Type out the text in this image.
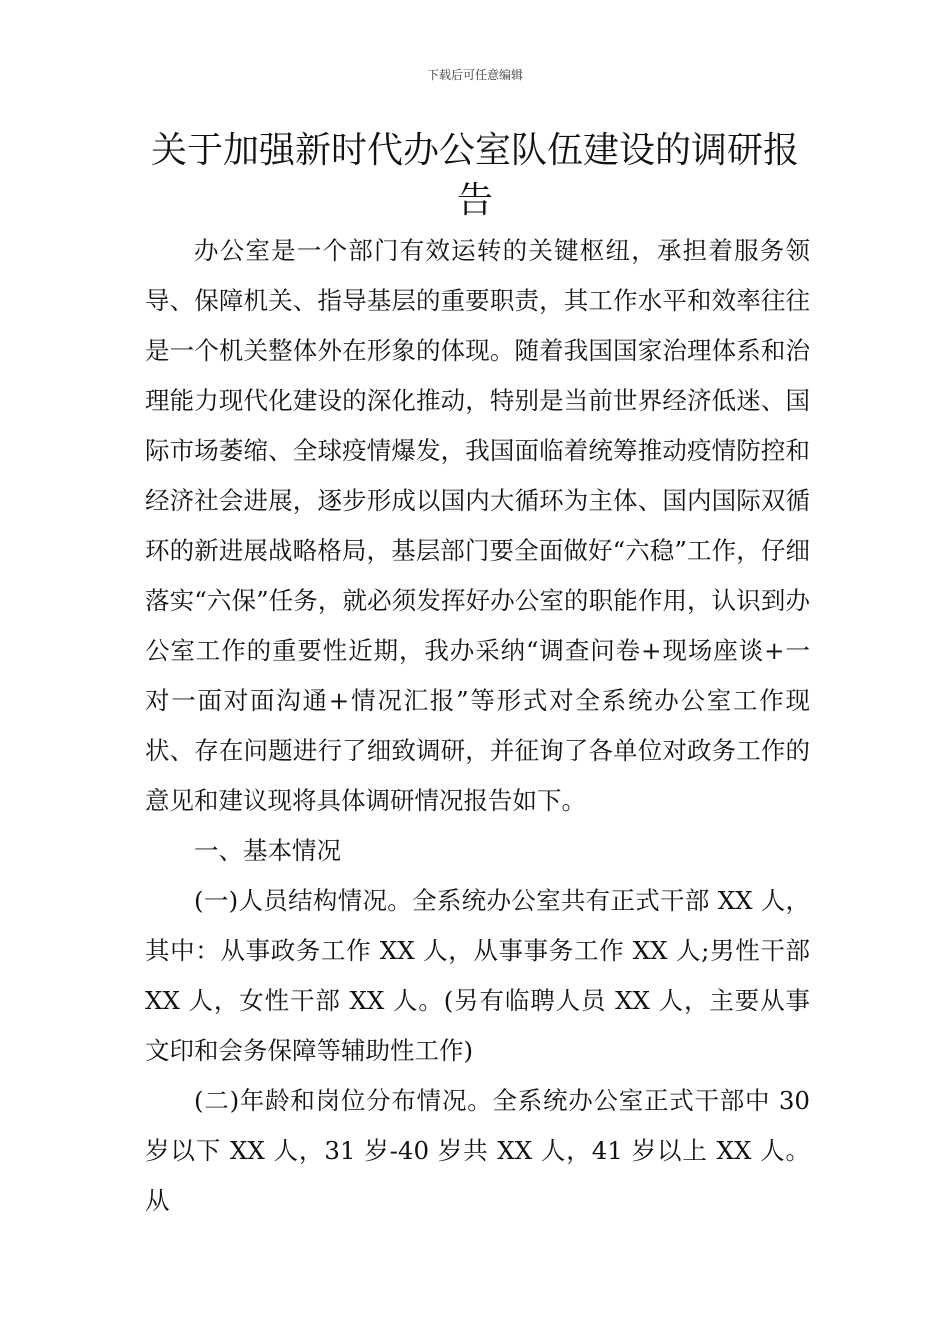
下载后可任意编辑
关于加强新时代办公室队伍建设的调研报告

办公室是一个部门有效运转的关键枢纽，承担着服务领导、保障机关、指导基层的重要职责，其工作水平和效率往往是一个机关整体外在形象的体现。随着我国国家治理体系和治理能力现代化建设的深化推动，特别是当前世界经济低迷、国际市场萎缩、全球疫情爆发，我国面临着统筹推动疫情防控和经济社会进展，逐步形成以国内大循环为主体、国内国际双循环的新进展战略格局，基层部门要全面做好“六稳”工作，仔细落实“六保”任务，就必须发挥好办公室的职能作用，认识到办公室工作的重要性近期，我办采纳“调查问卷+现场座谈+一对一面对面沟通+情况汇报”等形式对全系统办公室工作现状、存在问题进行了细致调研，并征询了各单位对政务工作的意见和建议现将具体调研情况报告如下。

一、基本情况

(一)人员结构情况。全系统办公室共有正式干部 XX 人，其中：从事政务工作 XX 人，从事事务工作 XX 人;男性干部 XX 人，女性干部 XX 人。(另有临聘人员 XX 人，主要从事文印和会务保障等辅助性工作)

(二)年龄和岗位分布情况。全系统办公室正式干部中 30 岁以下 XX 人，31 岁-40 岁共 XX 人，41 岁以上 XX 人。从
